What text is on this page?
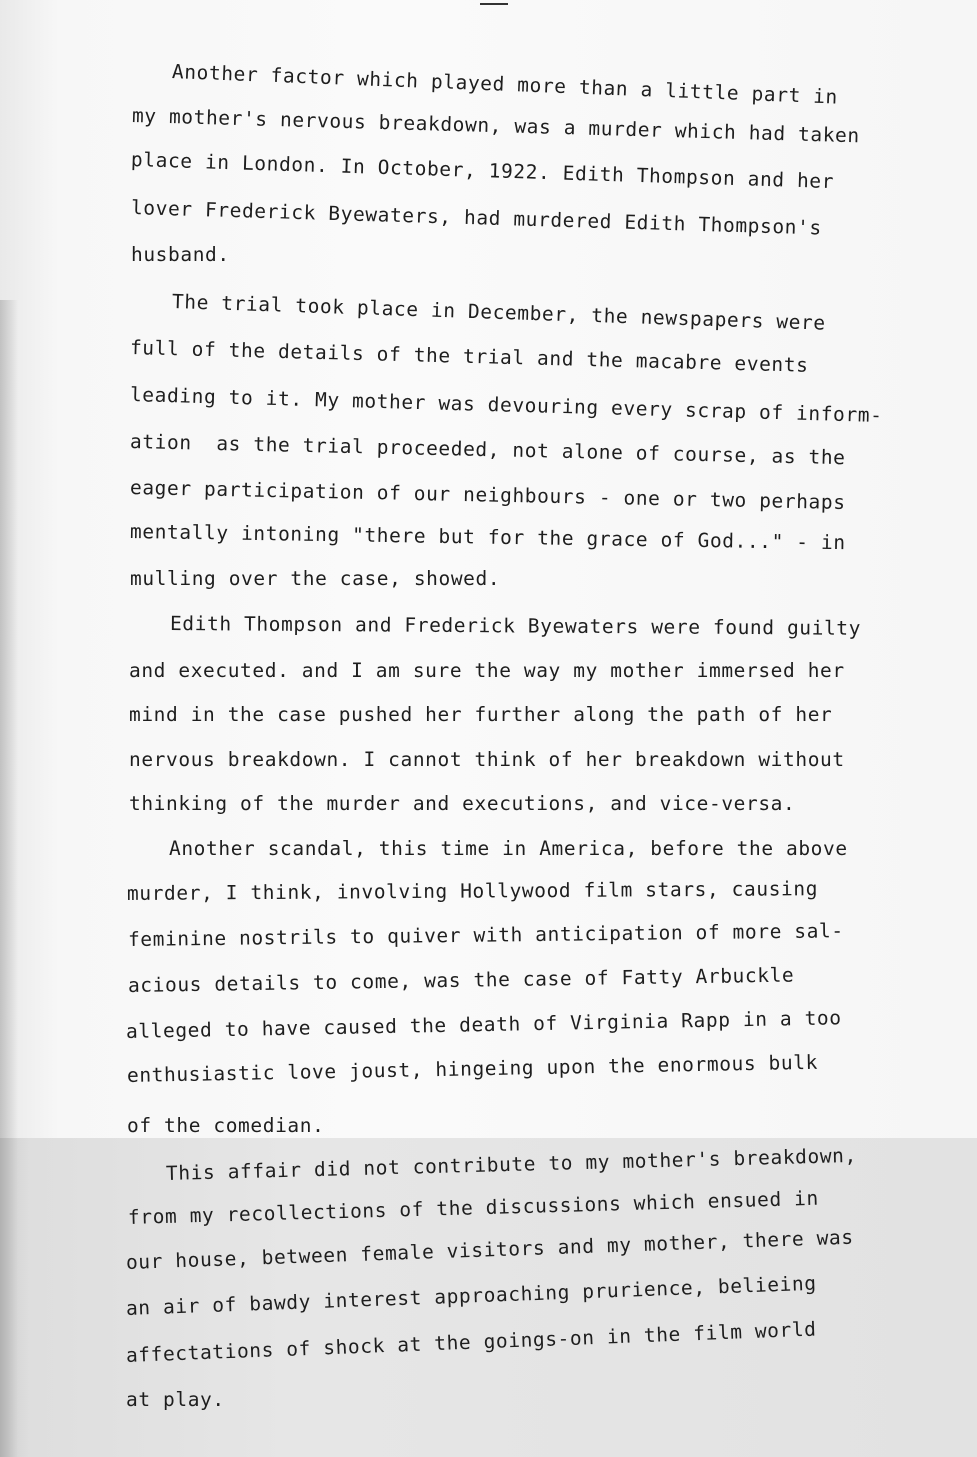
Another factor which played more than a little part in
my mother's nervous breakdown, was a murder which had taken
place in London. In October, 1922. Edith Thompson and her
lover Frederick Byewaters, had murdered Edith Thompson's
husband.
The trial took place in December, the newspapers were
full of the details of the trial and the macabre events
leading to it. My mother was devouring every scrap of inform-
ation  as the trial proceeded, not alone of course, as the
eager participation of our neighbours - one or two perhaps
mentally intoning "there but for the grace of God..." - in
mulling over the case, showed.
Edith Thompson and Frederick Byewaters were found guilty
and executed. and I am sure the way my mother immersed her
mind in the case pushed her further along the path of her
nervous breakdown. I cannot think of her breakdown without
thinking of the murder and executions, and vice-versa.
Another scandal, this time in America, before the above
murder, I think, involving Hollywood film stars, causing
feminine nostrils to quiver with anticipation of more sal-
acious details to come, was the case of Fatty Arbuckle
alleged to have caused the death of Virginia Rapp in a too
enthusiastic love joust, hingeing upon the enormous bulk
of the comedian.
This affair did not contribute to my mother's breakdown,
from my recollections of the discussions which ensued in
our house, between female visitors and my mother, there was
an air of bawdy interest approaching prurience, belieing
affectations of shock at the goings-on in the film world
at play.
